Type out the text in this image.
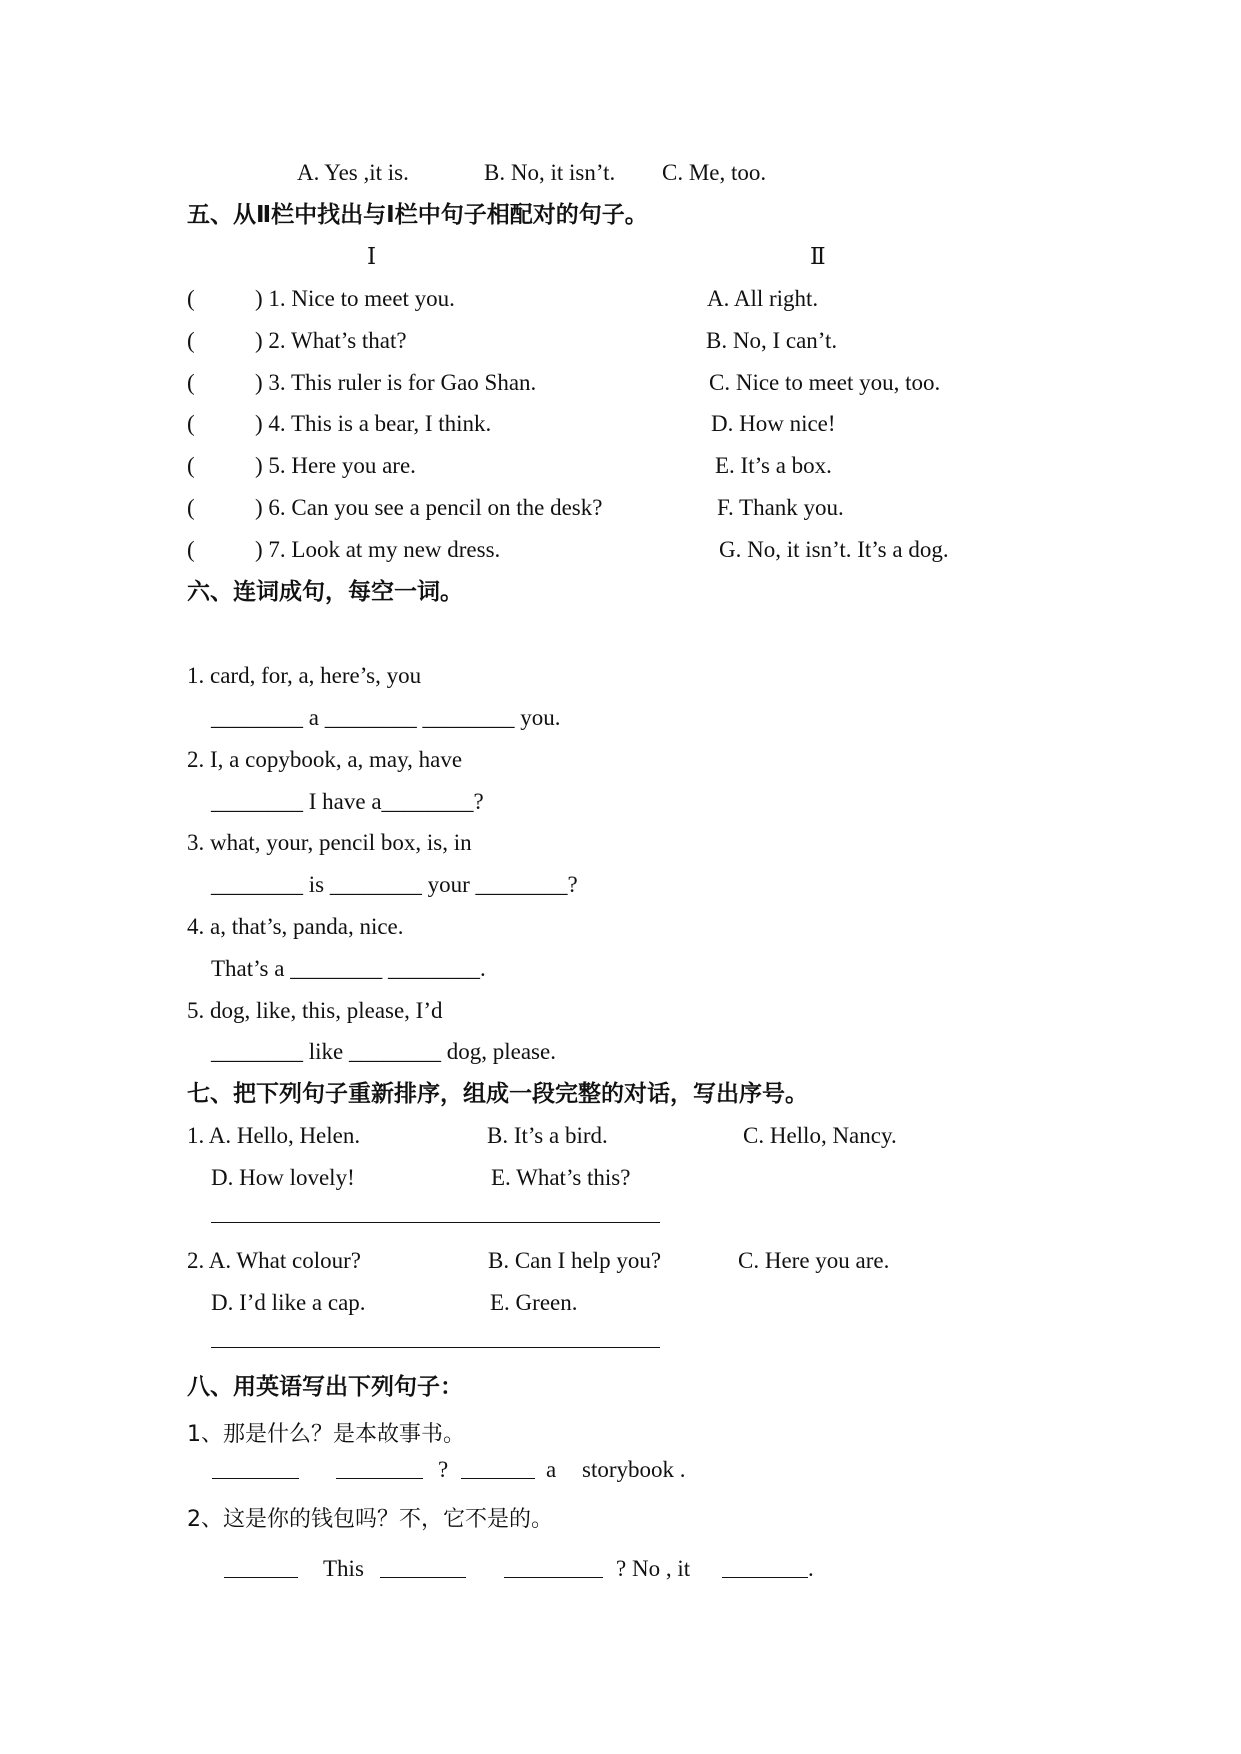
A. Yes ,it is.	B. No, it isn’t. C. Me, too.
五、从Ⅱ栏中找出与Ⅰ栏中句子相配对的句子。
Ⅰ	Ⅱ
(	) 1. Nice to meet you.	A. All right.
(	) 2. What’s that?	B. No, I can’t.
(	) 3. This ruler is for Gao Shan.	C. Nice to meet you, too.
(	) 4. This is a bear, I think.	D. How nice!
(	) 5. Here you are.	E. It’s a box.
(	) 6. Can you see a pencil on the desk?	F. Thank you.
(	) 7. Look at my new dress.	G. No, it isn’t. It’s a dog.
六、连词成句，每空一词。
1. card, for, a, here’s, you
________ a ________ ________ you.
2. I, a copybook, a, may, have
________ I have a________?
3. what, your, pencil box, is, in
________ is ________ your ________?
4. a, that’s, panda, nice.
That’s a ________ ________.
5. dog, like, this, please, I’d
________ like ________ dog, please.
七、把下列句子重新排序，组成一段完整的对话，写出序号。
1. A. Hello, Helen.	B. It’s a bird.	C. Hello, Nancy.
D. How lovely!	E. What’s this?
2. A. What colour?	B. Can I help you?	C. Here you are.
D. I’d like a cap.	E. Green.
八、用英语写出下列句子：
1、那是什么？是本故事书。
?	a storybook .
2、这是你的钱包吗？不，它不是的。
This	? No , it	.
